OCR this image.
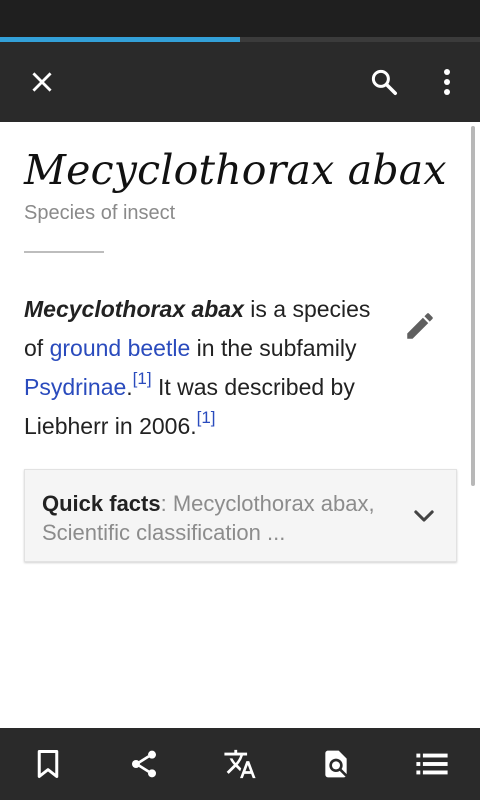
Mecyclothorax abax
Species of insect

Mecyclothorax abax is a species of ground beetle in the subfamily Psydrinae.[1] It was described by Liebherr in 2006.[1]

Quick facts: Mecyclothorax abax, Scientific classification ...
